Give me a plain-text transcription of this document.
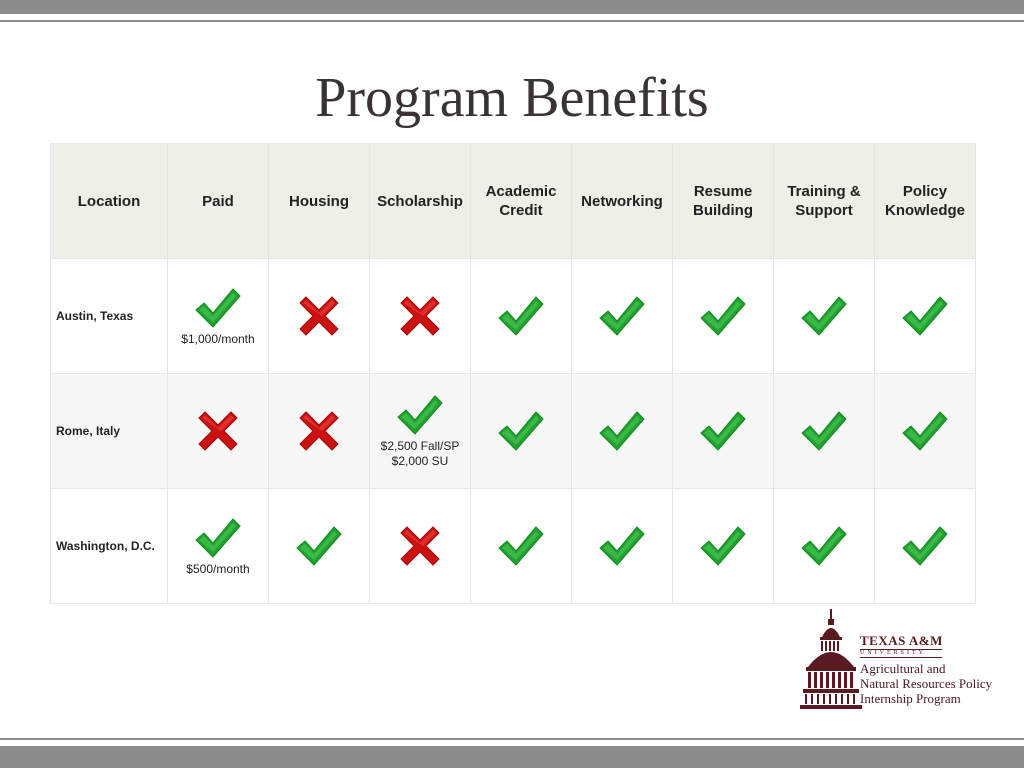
Program Benefits
Location	Paid	Housing	Scholarship	Academic Credit	Networking	Resume Building	Training & Support	Policy Knowledge
Austin, Texas	$1,000/month

Rome, Italy			$2,500 Fall/SP
$2,000 SU

Washington, D.C.	$500/month

TEXAS A&M
UNIVERSITY
Agricultural and
Natural Resources Policy
Internship Program
